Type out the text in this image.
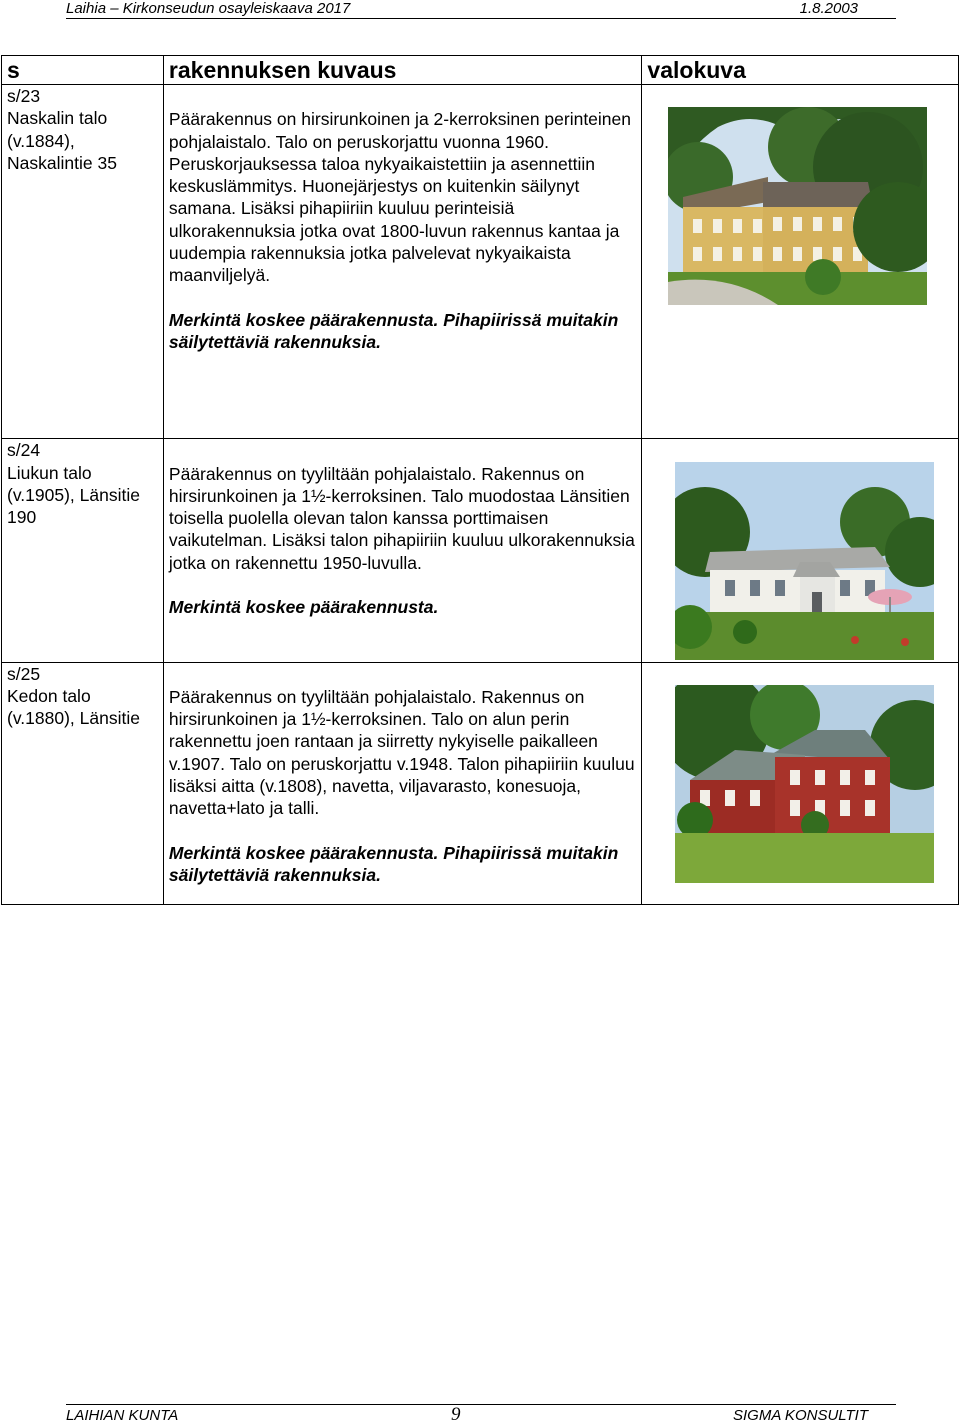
Laihia – Kirkonseudun osayleiskaava 2017	1.8.2003
s	rakennuksen kuvaus	valokuva
s/23		
Naskalin talo (v.1884), Naskalintie 35	Päärakennus on hirsirunkoinen ja 2-kerroksinen perinteinen pohjalaistalo. Talo on peruskorjattu vuonna 1960. Peruskorjauksessa taloa nykyaikaistettiin ja asennettiin keskuslämmitys. Huonejärjestys on kuitenkin säilynyt samana. Lisäksi pihapiiriin kuuluu perinteisiä ulkorakennuksia jotka ovat 1800-luvun rakennus kantaa ja uudempia rakennuksia jotka palvelevat nykyaikaista maanviljelyä.
Merkintä koskee päärakennusta. Pihapiirissä muitakin säilytettäviä rakennuksia.

s/24		
Liukun talo (v.1905), Länsitie 190	Päärakennus on tyyliltään pohjalaistalo. Rakennus on hirsirunkoinen ja 1½-kerroksinen. Talo muodostaa Länsitien toisella puolella olevan talon kanssa porttimaisen vaikutelman. Lisäksi talon pihapiiriin kuuluu ulkorakennuksia jotka on rakennettu 1950-luvulla.
Merkintä koskee päärakennusta.

s/25		
Kedon talo (v.1880), Länsitie	Päärakennus on tyyliltään pohjalaistalo. Rakennus on hirsirunkoinen ja 1½-kerroksinen. Talo on alun perin rakennettu joen rantaan ja siirretty nykyiselle paikalleen v.1907. Talo on peruskorjattu v.1948. Talon pihapiiriin kuuluu lisäksi aitta (v.1808), navetta, viljavarasto, konesuoja, navetta+lato ja talli.
Merkintä koskee päärakennusta. Pihapiirissä muitakin säilytettäviä rakennuksia.

LAIHIAN KUNTA	9	SIGMA KONSULTIT
